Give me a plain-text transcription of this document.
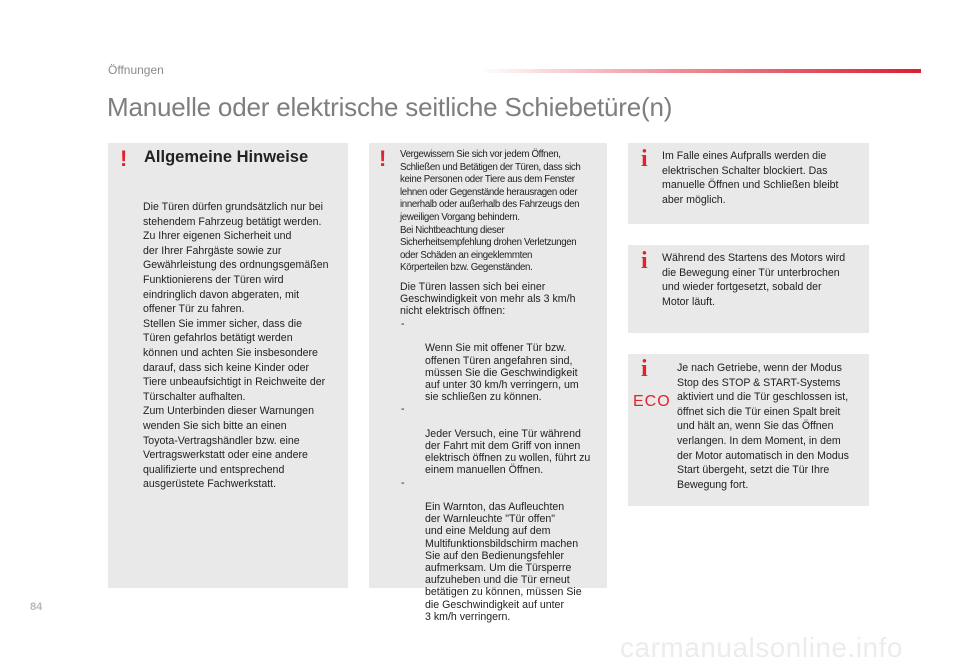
Öffnungen
Manuelle oder elektrische seitliche Schiebetüre(n)
! Allgemeine Hinweise

Die Türen dürfen grundsätzlich nur bei
stehendem Fahrzeug betätigt werden.
Zu Ihrer eigenen Sicherheit und
der Ihrer Fahrgäste sowie zur
Gewährleistung des ordnungsgemäßen
Funktionierens der Türen wird
eindringlich davon abgeraten, mit
offener Tür zu fahren.
Stellen Sie immer sicher, dass die
Türen gefahrlos betätigt werden
können und achten Sie insbesondere
darauf, dass sich keine Kinder oder
Tiere unbeaufsichtigt in Reichweite der
Türschalter aufhalten.
Zum Unterbinden dieser Warnungen
wenden Sie sich bitte an einen
Toyota-Vertragshändler bzw. eine
Vertragswerkstatt oder eine andere
qualifizierte und entsprechend
ausgerüstete Fachwerkstatt.

! Vergewissern Sie sich vor jedem Öffnen,
Schließen und Betätigen der Türen, dass sich
keine Personen oder Tiere aus dem Fenster
lehnen oder Gegenstände herausragen oder
innerhalb oder außerhalb des Fahrzeugs den
jeweiligen Vorgang behindern.
Bei Nichtbeachtung dieser
Sicherheitsempfehlung drohen Verletzungen
oder Schäden an eingeklemmten
Körperteilen bzw. Gegenständen.

Die Türen lassen sich bei einer
Geschwindigkeit von mehr als 3 km/h
nicht elektrisch öffnen:

-

Wenn Sie mit offener Tür bzw.
offenen Türen angefahren sind,
müssen Sie die Geschwindigkeit
auf unter 30 km/h verringern, um
sie schließen zu können.

-

Jeder Versuch, eine Tür während
der Fahrt mit dem Griff von innen
elektrisch öffnen zu wollen, führt zu
einem manuellen Öffnen.

-

Ein Warnton, das Aufleuchten
der Warnleuchte "Tür offen"
und eine Meldung auf dem
Multifunktionsbildschirm machen
Sie auf den Bedienungsfehler
aufmerksam. Um die Türsperre
aufzuheben und die Tür erneut
betätigen zu können, müssen Sie
die Geschwindigkeit auf unter
3 km/h verringern.

i Im Falle eines Aufpralls werden die
elektrischen Schalter blockiert. Das
manuelle Öffnen und Schließen bleibt
aber möglich.

i Während des Startens des Motors wird
die Bewegung einer Tür unterbrochen
und wieder fortgesetzt, sobald der
Motor läuft.

i
ECO

Je nach Getriebe, wenn der Modus
Stop des STOP & START-Systems
aktiviert und die Tür geschlossen ist,
öffnet sich die Tür einen Spalt breit
und hält an, wenn Sie das Öffnen
verlangen. In dem Moment, in dem
der Motor automatisch in den Modus
Start übergeht, setzt die Tür Ihre
Bewegung fort.

84
carmanualsonline.info
